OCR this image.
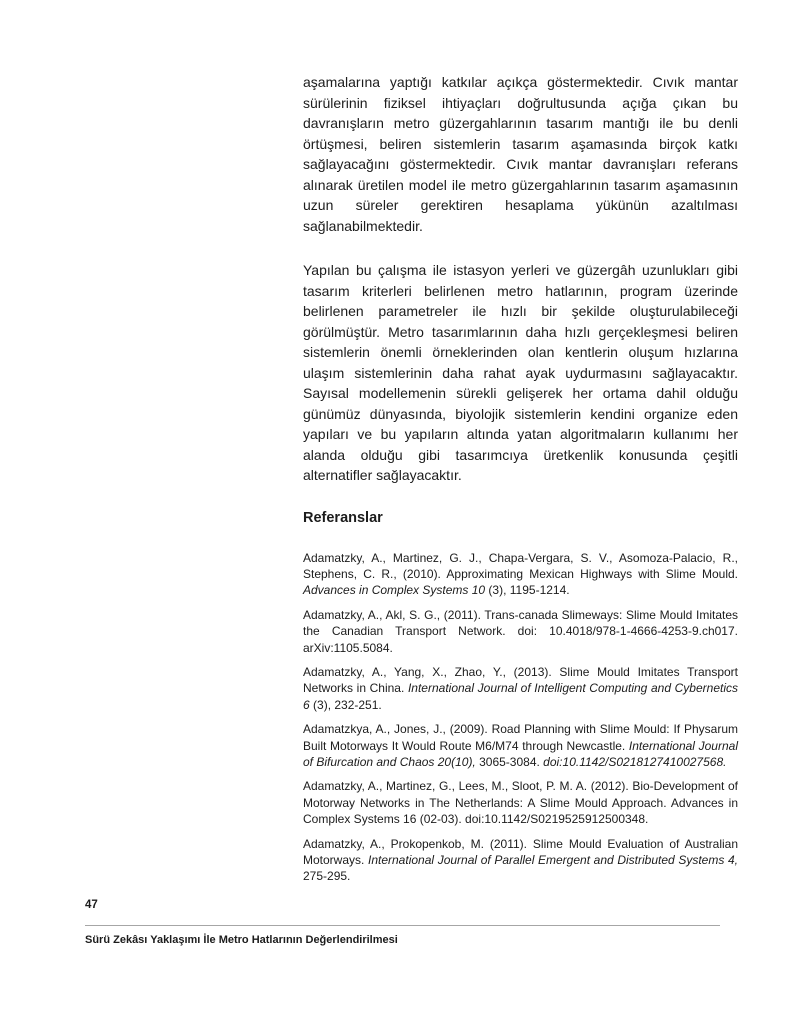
aşamalarına yaptığı katkılar açıkça göstermektedir. Cıvık mantar sürülerinin fiziksel ihtiyaçları doğrultusunda açığa çıkan bu davranışların metro güzergahlarının tasarım mantığı ile bu denli örtüşmesi, beliren sistemlerin tasarım aşamasında birçok katkı sağlayacağını göstermektedir. Cıvık mantar davranışları referans alınarak üretilen model ile metro güzergahlarının tasarım aşamasının uzun süreler gerektiren hesaplama yükünün azaltılması sağlanabilmektedir.

Yapılan bu çalışma ile istasyon yerleri ve güzergâh uzunlukları gibi tasarım kriterleri belirlenen metro hatlarının, program üzerinde belirlenen parametreler ile hızlı bir şekilde oluşturulabileceği görülmüştür. Metro tasarımlarının daha hızlı gerçekleşmesi beliren sistemlerin önemli örneklerinden olan kentlerin oluşum hızlarına ulaşım sistemlerinin daha rahat ayak uydurmasını sağlayacaktır. Sayısal modellemenin sürekli gelişerek her ortama dahil olduğu günümüz dünyasında, biyolojik sistemlerin kendini organize eden yapıları ve bu yapıların altında yatan algoritmaların kullanımı her alanda olduğu gibi tasarımcıya üretkenlik konusunda çeşitli alternatifler sağlayacaktır.

Referanslar

Adamatzky, A., Martinez, G. J., Chapa-Vergara, S. V., Asomoza-Palacio, R., Stephens, C. R., (2010). Approximating Mexican Highways with Slime Mould. Advances in Complex Systems 10 (3), 1195-1214.

Adamatzky, A., Akl, S. G., (2011). Trans-canada Slimeways: Slime Mould Imitates the Canadian Transport Network. doi: 10.4018/978-1-4666-4253-9.ch017. arXiv:1105.5084.

Adamatzky, A., Yang, X., Zhao, Y., (2013). Slime Mould Imitates Transport Networks in China. International Journal of Intelligent Computing and Cybernetics 6 (3), 232-251.

Adamatzkya, A., Jones, J., (2009). Road Planning with Slime Mould: If Physarum Built Motorways It Would Route M6/M74 through Newcastle. International Journal of Bifurcation and Chaos 20(10), 3065-3084. doi:10.1142/S0218127410027568.

Adamatzky, A., Martinez, G., Lees, M., Sloot, P. M. A. (2012). Bio-Development of Motorway Networks in The Netherlands: A Slime Mould Approach. Advances in Complex Systems 16 (02-03). doi:10.1142/S0219525912500348.

Adamatzky, A., Prokopenkob, M. (2011). Slime Mould Evaluation of Australian Motorways. International Journal of Parallel Emergent and Distributed Systems 4, 275-295.

47
Sürü Zekâsı Yaklaşımı İle Metro Hatlarının Değerlendirilmesi
